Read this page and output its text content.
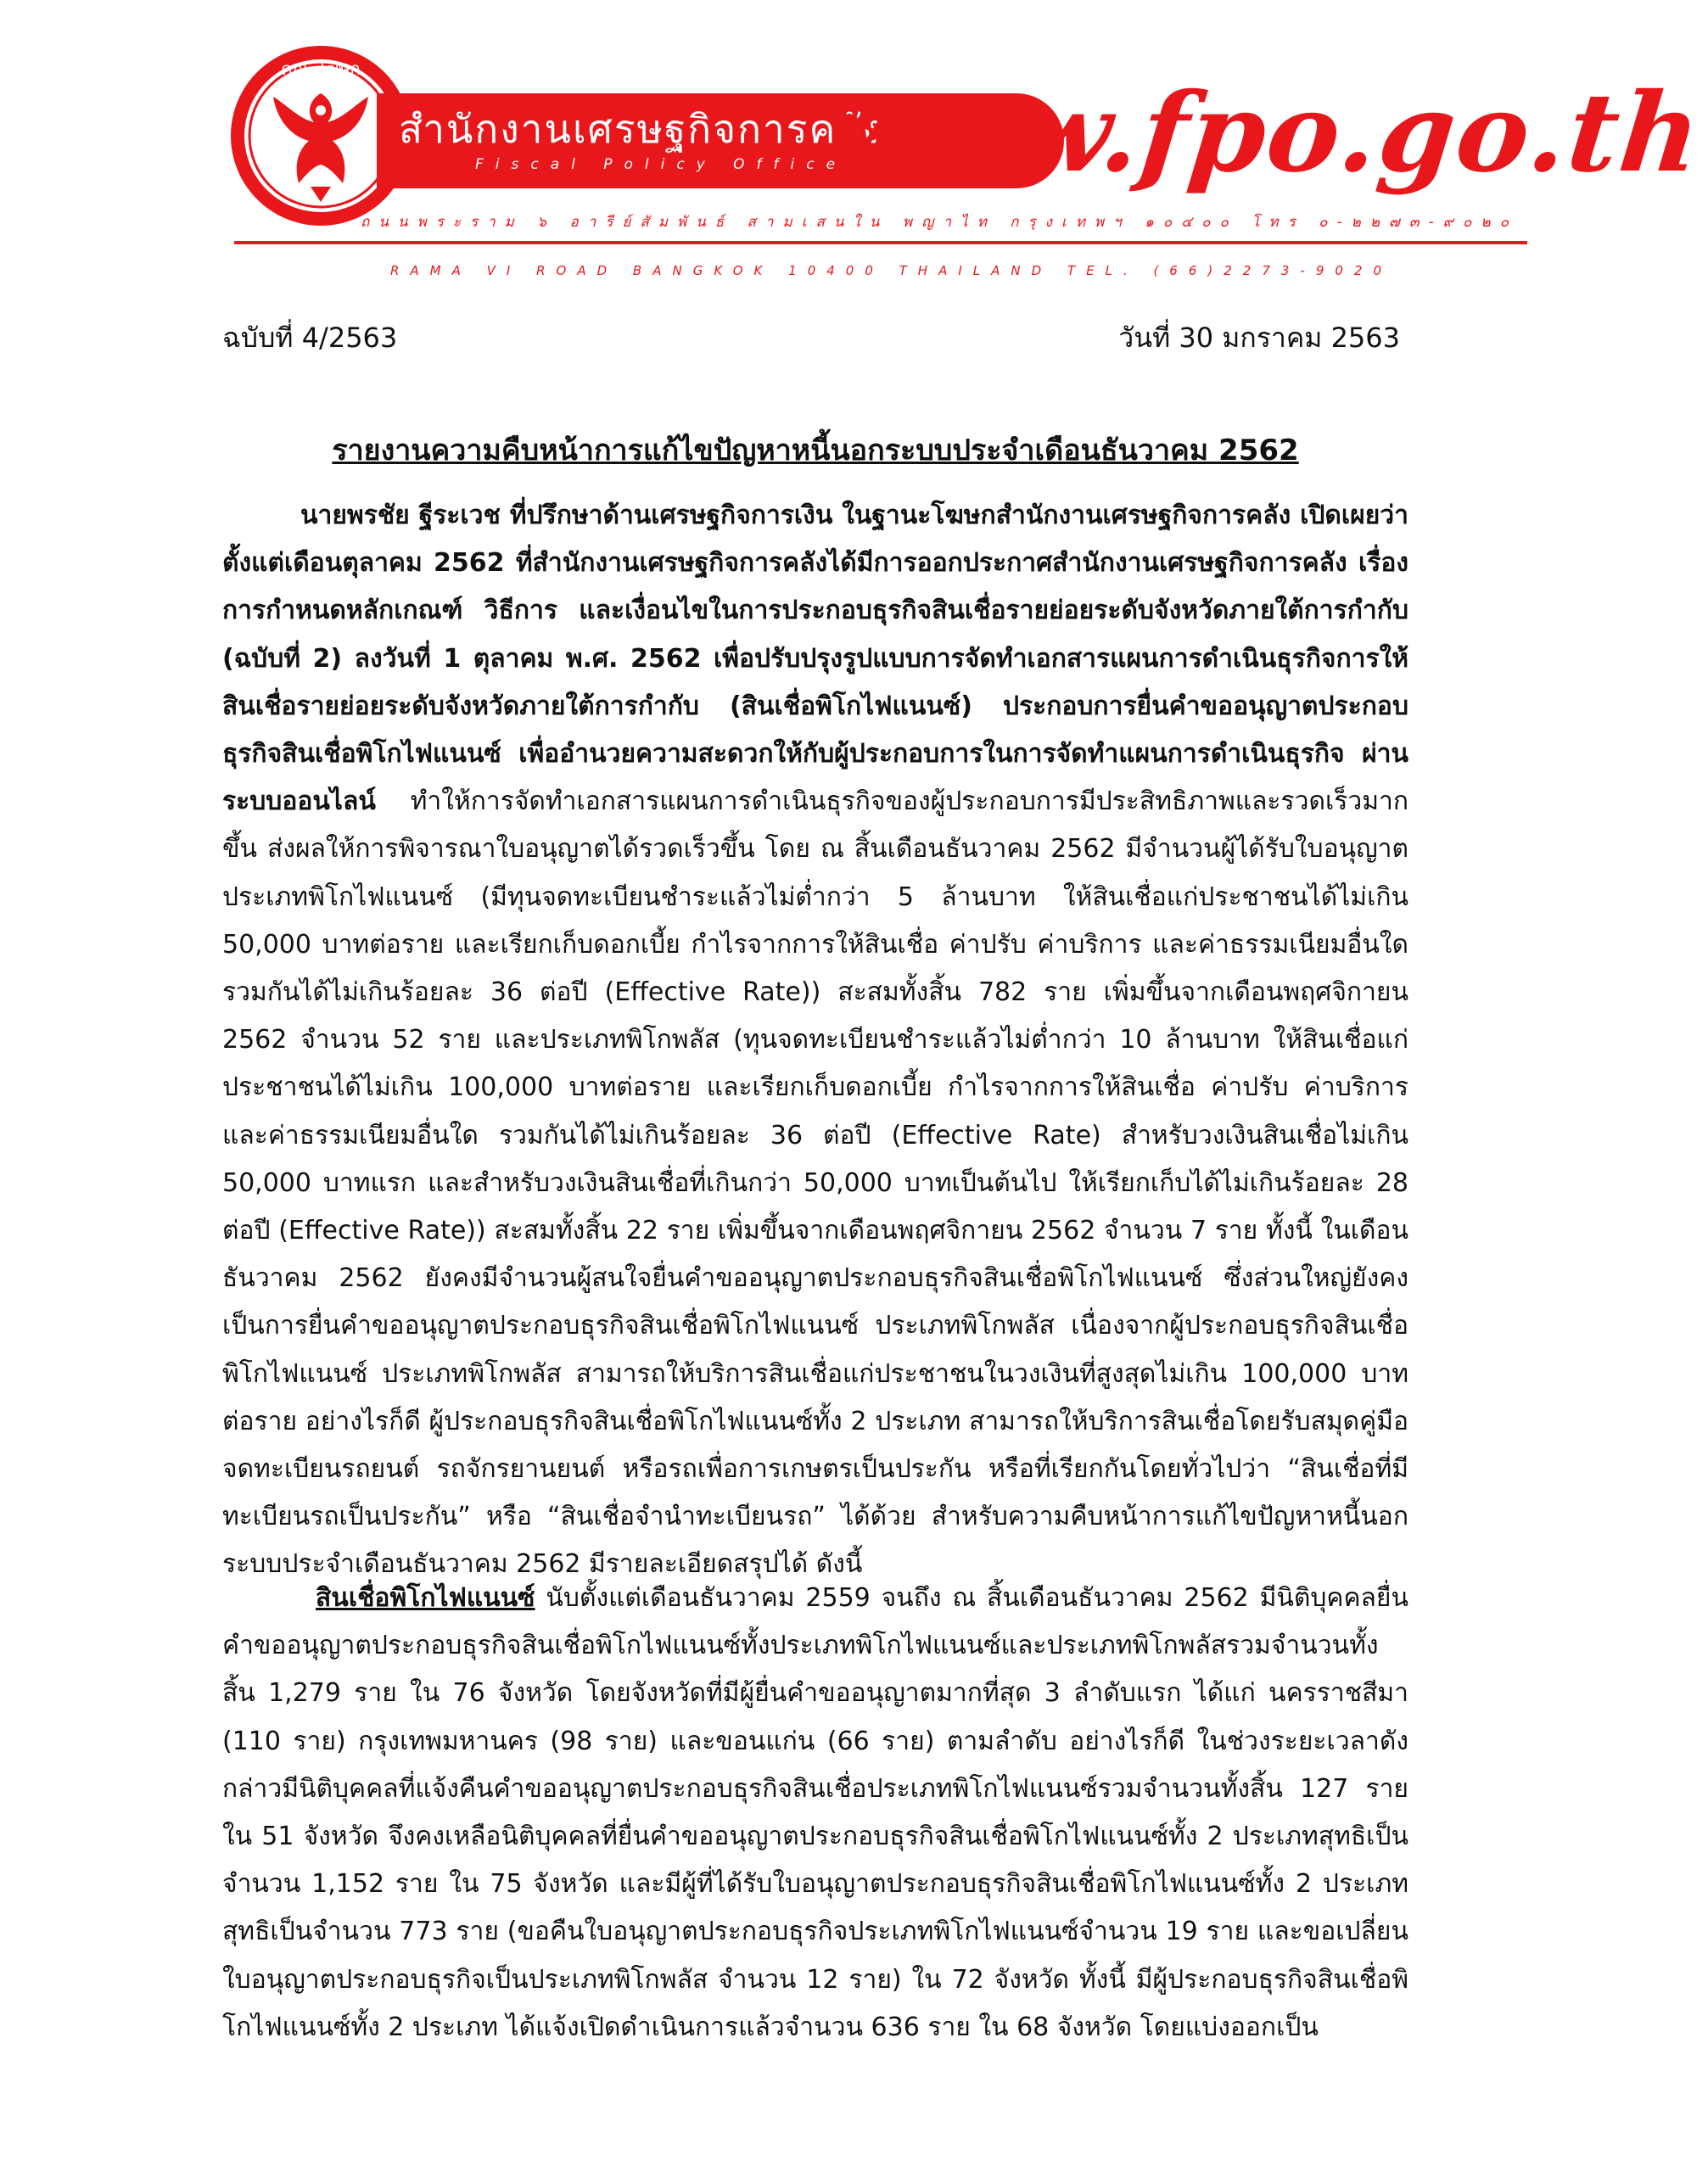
คณะโฆษก
สำนักงานเศรษฐกิจการคลัง
Fiscal Policy Office
www.fpo.go.th
ถนนพระราม ๖ อารีย์สัมพันธ์ สามเสนใน พญาไท กรุงเทพฯ ๑๐๔๐๐ โทร ๐-๒๒๗๓-๙๐๒๐
RAMA VI ROAD BANGKOK 10400 THAILAND TEL. (66)2273-9020
ฉบับที่ 4/2563	วันที่ 30 มกราคม 2563
รายงานความคืบหน้าการแก้ไขปัญหาหนี้นอกระบบประจำเดือนธันวาคม 2562

นายพรชัย ฐีระเวช ที่ปรึกษาด้านเศรษฐกิจการเงิน ในฐานะโฆษกสำนักงานเศรษฐกิจการคลัง เปิดเผยว่า ตั้งแต่เดือนตุลาคม 2562 ที่สำนักงานเศรษฐกิจการคลังได้มีการออกประกาศสำนักงานเศรษฐกิจการคลัง เรื่อง การกำหนดหลักเกณฑ์ วิธีการ และเงื่อนไขในการประกอบธุรกิจสินเชื่อรายย่อยระดับจังหวัดภายใต้การกำกับ (ฉบับที่ 2) ลงวันที่ 1 ตุลาคม พ.ศ. 2562 เพื่อปรับปรุงรูปแบบการจัดทำเอกสารแผนการดำเนินธุรกิจการให้สินเชื่อรายย่อยระดับจังหวัดภายใต้การกำกับ (สินเชื่อพิโกไฟแนนซ์) ประกอบการยื่นคำขออนุญาตประกอบธุรกิจสินเชื่อพิโกไฟแนนซ์ เพื่ออำนวยความสะดวกให้กับผู้ประกอบการในการจัดทำแผนการดำเนินธุรกิจ ผ่านระบบออนไลน์ ทำให้การจัดทำเอกสารแผนการดำเนินธุรกิจของผู้ประกอบการมีประสิทธิภาพและรวดเร็วมากขึ้น ส่งผลให้การพิจารณาใบอนุญาตได้รวดเร็วขึ้น โดย ณ สิ้นเดือนธันวาคม 2562 มีจำนวนผู้ได้รับใบอนุญาตประเภทพิโกไฟแนนซ์ (มีทุนจดทะเบียนชำระแล้วไม่ต่ำกว่า 5 ล้านบาท ให้สินเชื่อแก่ประชาชนได้ไม่เกิน 50,000 บาทต่อราย และเรียกเก็บดอกเบี้ย กำไรจากการให้สินเชื่อ ค่าปรับ ค่าบริการ และค่าธรรมเนียมอื่นใด รวมกันได้ไม่เกินร้อยละ 36 ต่อปี (Effective Rate)) สะสมทั้งสิ้น 782 ราย เพิ่มขึ้นจากเดือนพฤศจิกายน 2562 จำนวน 52 ราย และประเภทพิโกพลัส (ทุนจดทะเบียนชำระแล้วไม่ต่ำกว่า 10 ล้านบาท ให้สินเชื่อแก่ประชาชนได้ไม่เกิน 100,000 บาทต่อราย และเรียกเก็บดอกเบี้ย กำไรจากการให้สินเชื่อ ค่าปรับ ค่าบริการ และค่าธรรมเนียมอื่นใด รวมกันได้ไม่เกินร้อยละ 36 ต่อปี (Effective Rate) สำหรับวงเงินสินเชื่อไม่เกิน 50,000 บาทแรก และสำหรับวงเงินสินเชื่อที่เกินกว่า 50,000 บาทเป็นต้นไป ให้เรียกเก็บได้ไม่เกินร้อยละ 28 ต่อปี (Effective Rate)) สะสมทั้งสิ้น 22 ราย เพิ่มขึ้นจากเดือนพฤศจิกายน 2562 จำนวน 7 ราย ทั้งนี้ ในเดือนธันวาคม 2562 ยังคงมีจำนวนผู้สนใจยื่นคำขออนุญาตประกอบธุรกิจสินเชื่อพิโกไฟแนนซ์ ซึ่งส่วนใหญ่ยังคงเป็นการยื่นคำขออนุญาตประกอบธุรกิจสินเชื่อพิโกไฟแนนซ์ ประเภทพิโกพลัส เนื่องจากผู้ประกอบธุรกิจสินเชื่อพิโกไฟแนนซ์ ประเภทพิโกพลัส สามารถให้บริการสินเชื่อแก่ประชาชนในวงเงินที่สูงสุดไม่เกิน 100,000 บาทต่อราย อย่างไรก็ดี ผู้ประกอบธุรกิจสินเชื่อพิโกไฟแนนซ์ทั้ง 2 ประเภท สามารถให้บริการสินเชื่อโดยรับสมุดคู่มือจดทะเบียนรถยนต์ รถจักรยานยนต์ หรือรถเพื่อการเกษตรเป็นประกัน หรือที่เรียกกันโดยทั่วไปว่า “สินเชื่อที่มีทะเบียนรถเป็นประกัน” หรือ “สินเชื่อจำนำทะเบียนรถ” ได้ด้วย สำหรับความคืบหน้าการแก้ไขปัญหาหนี้นอกระบบประจำเดือนธันวาคม 2562 มีรายละเอียดสรุปได้ ดังนี้

สินเชื่อพิโกไฟแนนซ์ นับตั้งแต่เดือนธันวาคม 2559 จนถึง ณ สิ้นเดือนธันวาคม 2562 มีนิติบุคคลยื่นคำขออนุญาตประกอบธุรกิจสินเชื่อพิโกไฟแนนซ์ทั้งประเภทพิโกไฟแนนซ์และประเภทพิโกพลัสรวมจำนวนทั้งสิ้น 1,279 ราย ใน 76 จังหวัด โดยจังหวัดที่มีผู้ยื่นคำขออนุญาตมากที่สุด 3 ลำดับแรก ได้แก่ นครราชสีมา (110 ราย) กรุงเทพมหานคร (98 ราย) และขอนแก่น (66 ราย) ตามลำดับ อย่างไรก็ดี ในช่วงระยะเวลาดังกล่าวมีนิติบุคคลที่แจ้งคืนคำขออนุญาตประกอบธุรกิจสินเชื่อประเภทพิโกไฟแนนซ์รวมจำนวนทั้งสิ้น 127 ราย ใน 51 จังหวัด จึงคงเหลือนิติบุคคลที่ยื่นคำขออนุญาตประกอบธุรกิจสินเชื่อพิโกไฟแนนซ์ทั้ง 2 ประเภทสุทธิเป็นจำนวน 1,152 ราย ใน 75 จังหวัด และมีผู้ที่ได้รับใบอนุญาตประกอบธุรกิจสินเชื่อพิโกไฟแนนซ์ทั้ง 2 ประเภทสุทธิเป็นจำนวน 773 ราย (ขอคืนใบอนุญาตประกอบธุรกิจประเภทพิโกไฟแนนซ์จำนวน 19 ราย และขอเปลี่ยนใบอนุญาตประกอบธุรกิจเป็นประเภทพิโกพลัส จำนวน 12 ราย) ใน 72 จังหวัด ทั้งนี้ มีผู้ประกอบธุรกิจสินเชื่อพิโกไฟแนนซ์ทั้ง 2 ประเภท ได้แจ้งเปิดดำเนินการแล้วจำนวน 636 ราย ใน 68 จังหวัด โดยแบ่งออกเป็น
